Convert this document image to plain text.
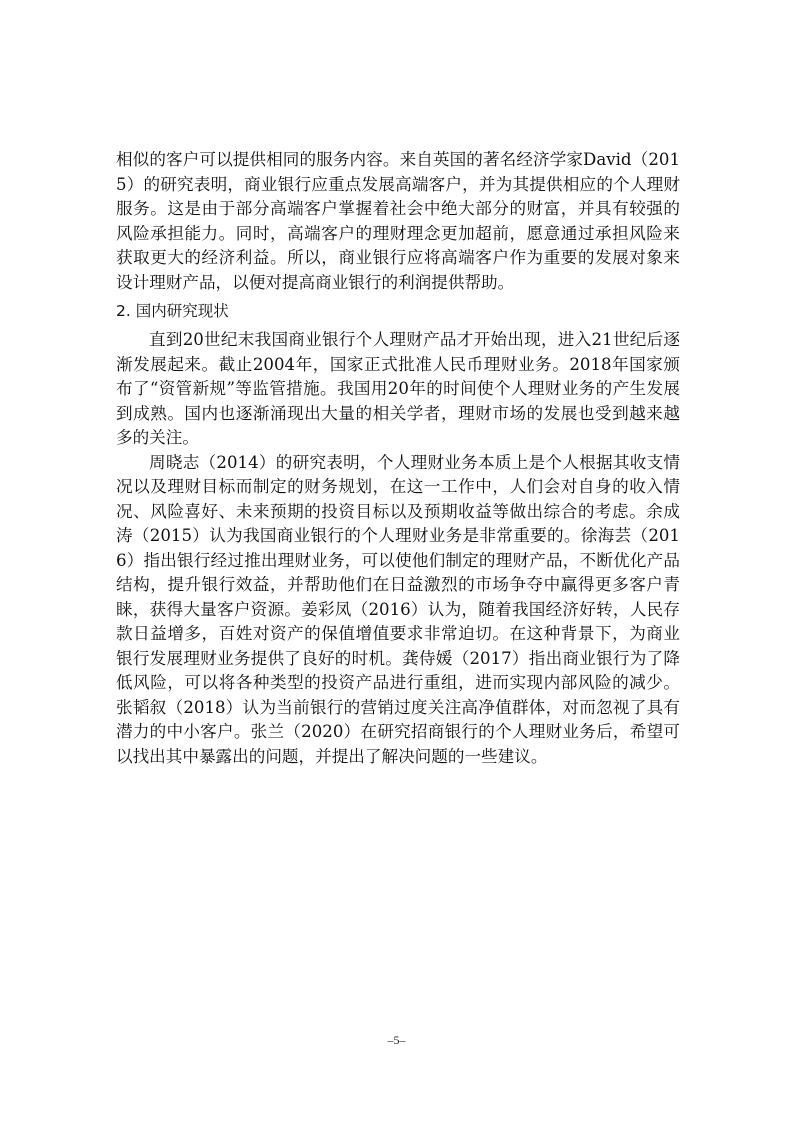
相似的客户可以提供相同的服务内容。来自英国的著名经济学家David（2015）的研究表明，商业银行应重点发展高端客户，并为其提供相应的个人理财服务。这是由于部分高端客户掌握着社会中绝大部分的财富，并具有较强的风险承担能力。同时，高端客户的理财理念更加超前，愿意通过承担风险来获取更大的经济利益。所以，商业银行应将高端客户作为重要的发展对象来设计理财产品，以便对提高商业银行的利润提供帮助。

2. 国内研究现状

直到20世纪末我国商业银行个人理财产品才开始出现，进入21世纪后逐渐发展起来。截止2004年，国家正式批准人民币理财业务。2018年国家颁布了“资管新规”等监管措施。我国用20年的时间使个人理财业务的产生发展到成熟。国内也逐渐涌现出大量的相关学者，理财市场的发展也受到越来越多的关注。

周晓志（2014）的研究表明，个人理财业务本质上是个人根据其收支情况以及理财目标而制定的财务规划，在这一工作中，人们会对自身的收入情况、风险喜好、未来预期的投资目标以及预期收益等做出综合的考虑。余成涛（2015）认为我国商业银行的个人理财业务是非常重要的。徐海芸（2016）指出银行经过推出理财业务，可以使他们制定的理财产品，不断优化产品结构，提升银行效益，并帮助他们在日益激烈的市场争夺中赢得更多客户青睐，获得大量客户资源。姜彩凤（2016）认为，随着我国经济好转，人民存款日益增多，百姓对资产的保值增值要求非常迫切。在这种背景下，为商业银行发展理财业务提供了良好的时机。龚侍媛（2017）指出商业银行为了降低风险，可以将各种类型的投资产品进行重组，进而实现内部风险的减少。张韬叙（2018）认为当前银行的营销过度关注高净值群体，对而忽视了具有潜力的中小客户。张兰（2020）在研究招商银行的个人理财业务后，希望可以找出其中暴露出的问题，并提出了解决问题的一些建议。

–5–
